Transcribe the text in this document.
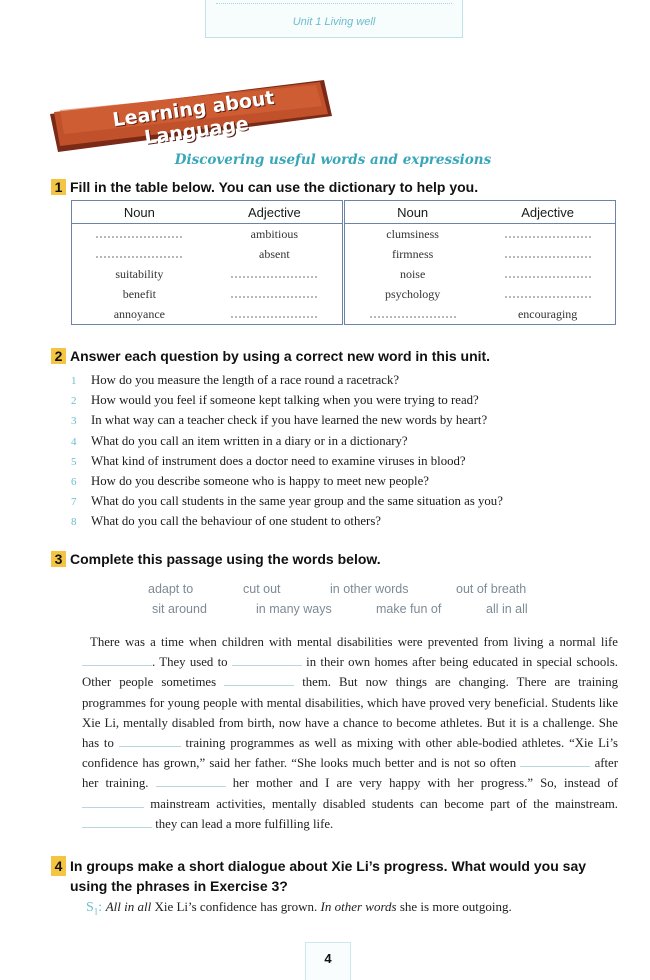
Unit 1 Living well
Learning about Language
Discovering useful words and expressions
1 Fill in the table below. You can use the dictionary to help you.
Noun	Adjective	Noun	Adjective
	ambitious	clumsiness	
	absent	firmness	
suitability		noise	
benefit		psychology	
annoyance			encouraging
2 Answer each question by using a correct new word in this unit.
1 How do you measure the length of a race round a racetrack?
2 How would you feel if someone kept talking when you were trying to read?
3 In what way can a teacher check if you have learned the new words by heart?
4 What do you call an item written in a diary or in a dictionary?
5 What kind of instrument does a doctor need to examine viruses in blood?
6 How do you describe someone who is happy to meet new people?
7 What do you call students in the same year group and the same situation as you?
8 What do you call the behaviour of one student to others?
3 Complete this passage using the words below.
adapt to	cut out	in other words	out of breath
sit around	in many ways	make fun of	all in all

There was a time when children with mental disabilities were prevented from living a normal life . They used to	in their own homes after being educated in special schools. Other people sometimes	them. But now things are changing. There are training programmes for young people with mental disabilities, which have proved very beneficial. Students like Xie Li, mentally disabled from birth, now have a chance to become athletes. But it is a challenge. She has to	training programmes as well as mixing with other able-bodied athletes. “Xie Li’s confidence has grown,” said her father. “She looks much better and is not so often	after her training.	her mother and I are very happy with her progress.” So, instead of  mainstream activities, mentally disabled students can become part of the mainstream.  they can lead a more fulfilling life.

4 In groups make a short dialogue about Xie Li’s progress. What would you say
using the phrases in Exercise 3?
$S_1$: All in all Xie Li’s confidence has grown. In other words she is more outgoing.
4
